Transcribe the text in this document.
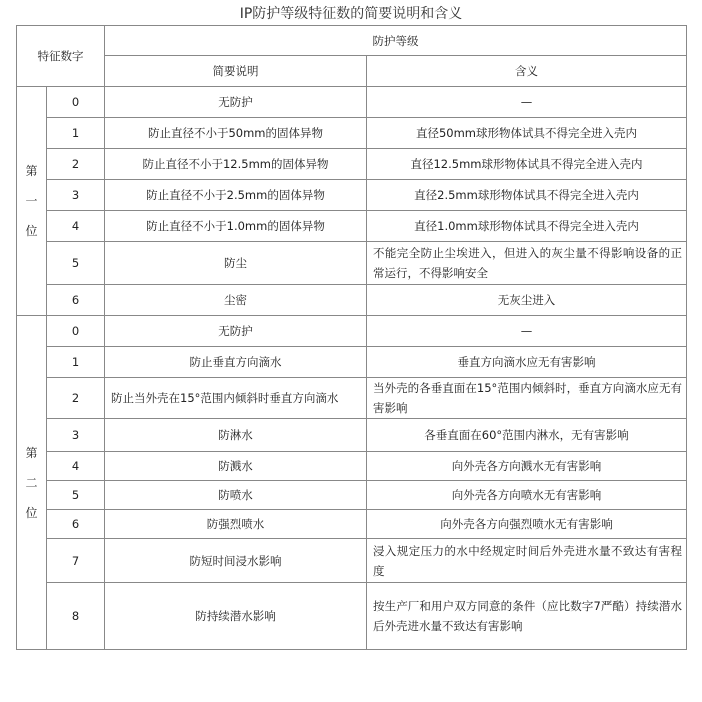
IP防护等级特征数的简要说明和含义
特征数字		防护等级	
		简要说明	含义

第
一
位	0	无防护	—
	1	防止直径不小于50mm的固体异物	直径50mm球形物体试具不得完全进入壳内
	2	防止直径不小于12.5mm的固体异物	直径12.5mm球形物体试具不得完全进入壳内
	3	防止直径不小于2.5mm的固体异物	直径2.5mm球形物体试具不得完全进入壳内
	4	防止直径不小于1.0mm的固体异物	直径1.0mm球形物体试具不得完全进入壳内
	5	防尘	不能完全防止尘埃进入，但进入的灰尘量不得影响设备的正常运行，不得影响安全
	6	尘密	无灰尘进入

第
二
位	0	无防护	—
	1	防止垂直方向滴水	垂直方向滴水应无有害影响
	2	防止当外壳在15°范围内倾斜时垂直方向滴水	当外壳的各垂直面在15°范围内倾斜时，垂直方向滴水应无有害影响
	3	防淋水	各垂直面在60°范围内淋水，无有害影响
	4	防溅水	向外壳各方向溅水无有害影响
	5	防喷水	向外壳各方向喷水无有害影响
	6	防强烈喷水	向外壳各方向强烈喷水无有害影响
	7	防短时间浸水影响	浸入规定压力的水中经规定时间后外壳进水量不致达有害程度
	8	防持续潜水影响	按生产厂和用户双方同意的条件（应比数字7严酷）持续潜水后外壳进水量不致达有害影响
